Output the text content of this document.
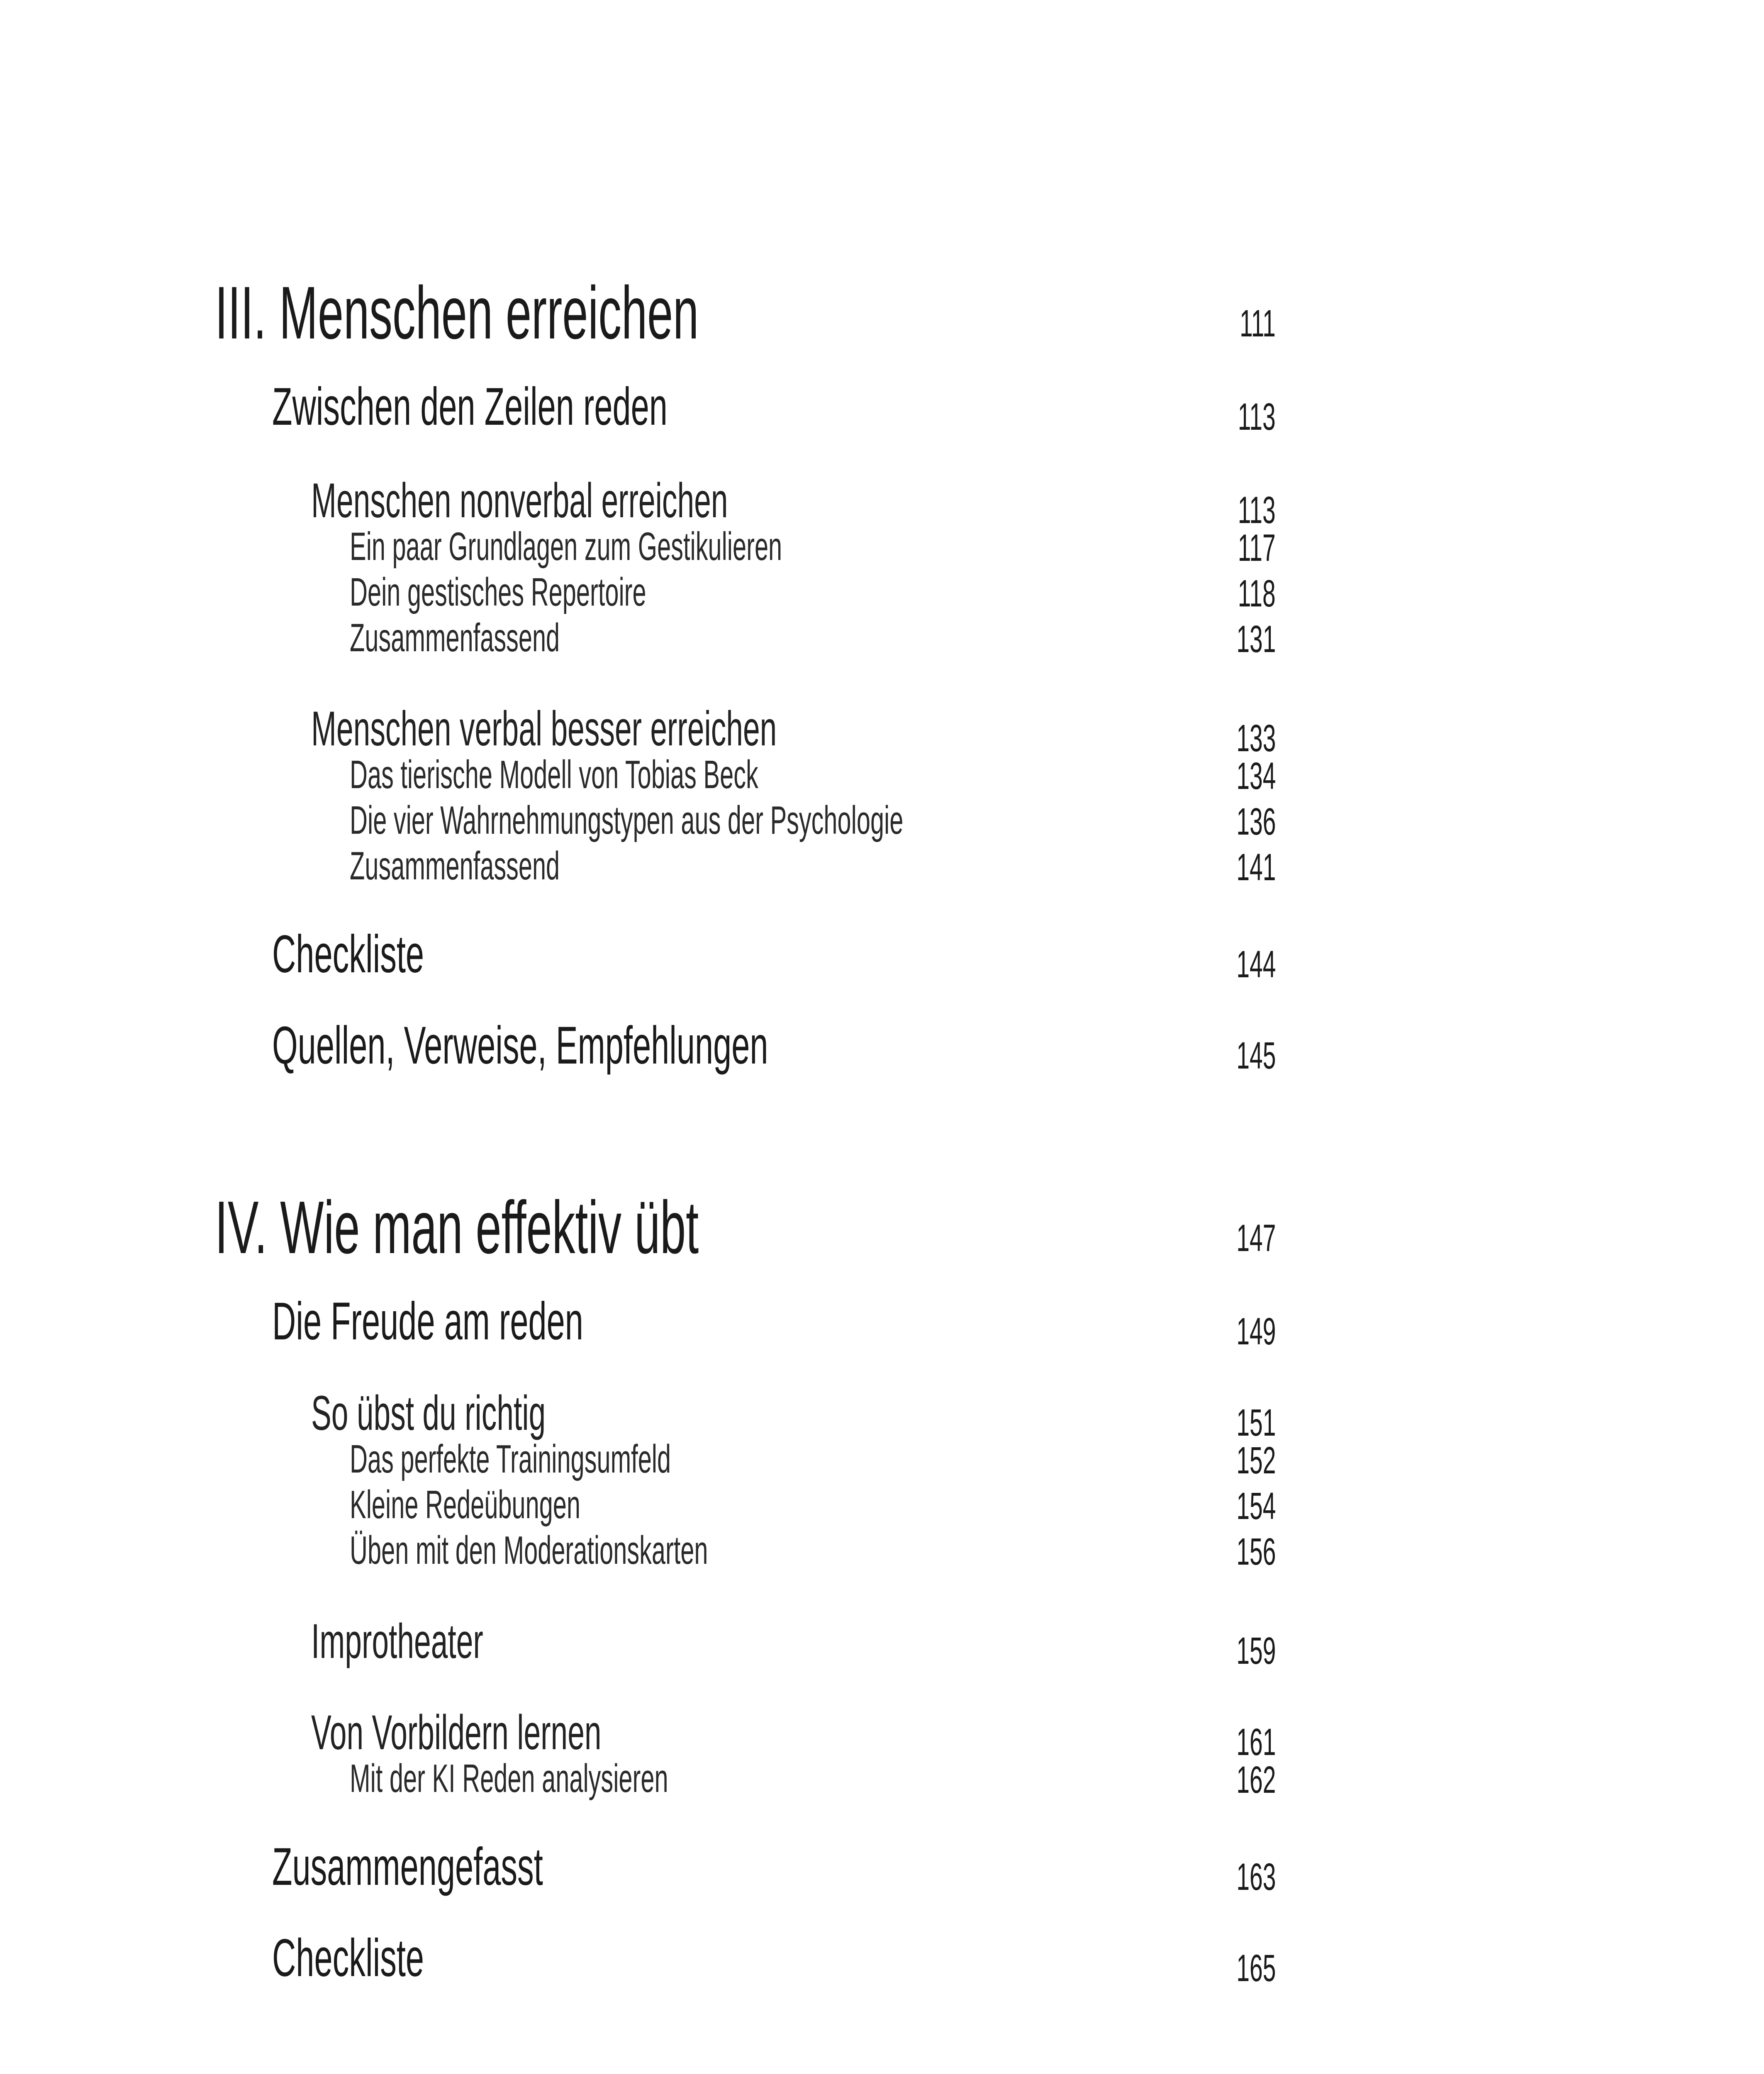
III. Menschen erreichen	111
Zwischen den Zeilen reden	113
Menschen nonverbal erreichen	113
Ein paar Grundlagen zum Gestikulieren	117
Dein gestisches Repertoire	118
Zusammenfassend	131
Menschen verbal besser erreichen	133
Das tierische Modell von Tobias Beck	134
Die vier Wahrnehmungstypen aus der Psychologie	136
Zusammenfassend	141
Checkliste	144
Quellen, Verweise, Empfehlungen	145
IV. Wie man effektiv übt	147
Die Freude am reden	149
So übst du richtig	151
Das perfekte Trainingsumfeld	152
Kleine Redeübungen	154
Üben mit den Moderationskarten	156
Improtheater	159
Von Vorbildern lernen	161
Mit der KI Reden analysieren	162
Zusammengefasst	163
Checkliste	165
